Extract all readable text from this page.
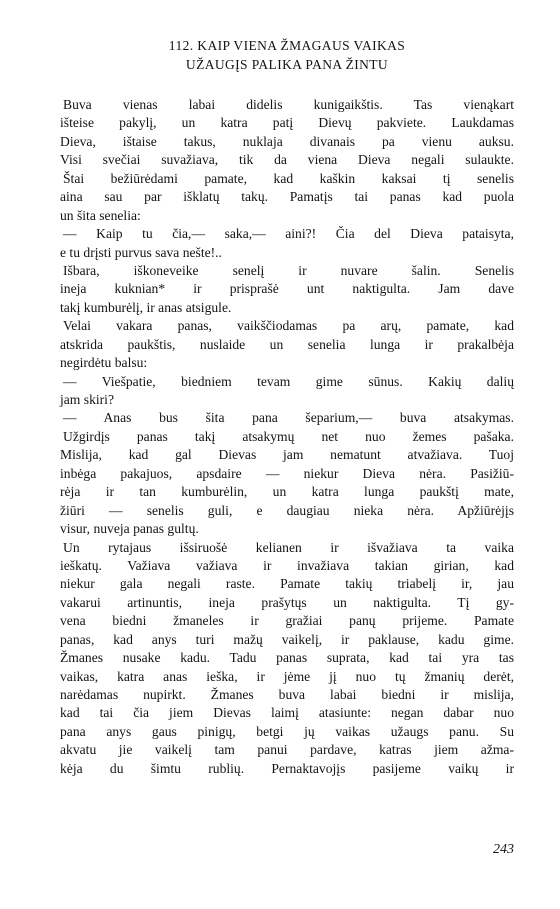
112. KAIP VIENA ŽMAGAUS VAIKAS
UŽAUGĮS PALIKA PANA ŽINTU
Buva vienas labai didelis kunigaikštis. Tas vienąkart
išteise pakylį, un katra patį Dievų pakviete. Laukdamas
Dieva, ištaise takus, nuklaja divanais pa vienu auksu.
Visi svečiai suvažiava, tik da viena Dieva negali sulaukte.
Štai bežiūrėdami pamate, kad kaškin kaksai tį senelis
aina sau par išklatų takų. Pamatįs tai panas kad puola
un šita senelia:
— Kaip tu čia,— saka,— aini?! Čia del Dieva pataisyta,
e tu drįsti purvus sava nešte!..
Išbara, iškoneveike senelį ir nuvare šalin. Senelis
ineja kuknian* ir prisprašė unt naktigulta. Jam dave
takį kumburėlį, ir anas atsigule.
Velai vakara panas, vaikščiodamas pa arų, pamate, kad
atskrida paukštis, nuslaide un senelia lunga ir prakalbėja
negirdėtu balsu:
— Viešpatie, biedniem tevam gime sūnus. Kakių dalių
jam skiri?
— Anas bus šita pana šeparium,— buva atsakymas.
Užgirdįs panas takį atsakymų net nuo žemes pašaka.
Mislija, kad gal Dievas jam nematunt atvažiava. Tuoj
inbėga pakajuos, apsdaire — niekur Dieva nėra. Pasižiū-
rėja ir tan kumburėlin, un katra lunga paukštį mate,
žiūri — senelis guli, e daugiau nieka nėra. Apžiūrėjįs
visur, nuveja panas gultų.
Un rytajaus išsiruošė kelianen ir išvažiava ta vaika
ieškatų. Važiava važiava ir invažiava takian girian, kad
niekur gala negali raste. Pamate takių triabelį ir, jau
vakarui artinuntis, ineja prašytųs un naktigulta. Tį gy-
vena biedni žmaneles ir gražiai panų prijeme. Pamate
panas, kad anys turi mažų vaikelį, ir paklause, kadu gime.
Žmanes nusake kadu. Tadu panas suprata, kad tai yra tas
vaikas, katra anas ieška, ir jėme jį nuo tų žmanių derėt,
narėdamas nupirkt. Žmanes buva labai biedni ir mislija,
kad tai čia jiem Dievas laimį atasiunte: negan dabar nuo
pana anys gaus pinigų, betgi jų vaikas užaugs panu. Su
akvatu jie vaikelį tam panui pardave, katras jiem ažma-
kėja du šimtu rublių. Pernaktavojįs pasijeme vaikų ir
243
